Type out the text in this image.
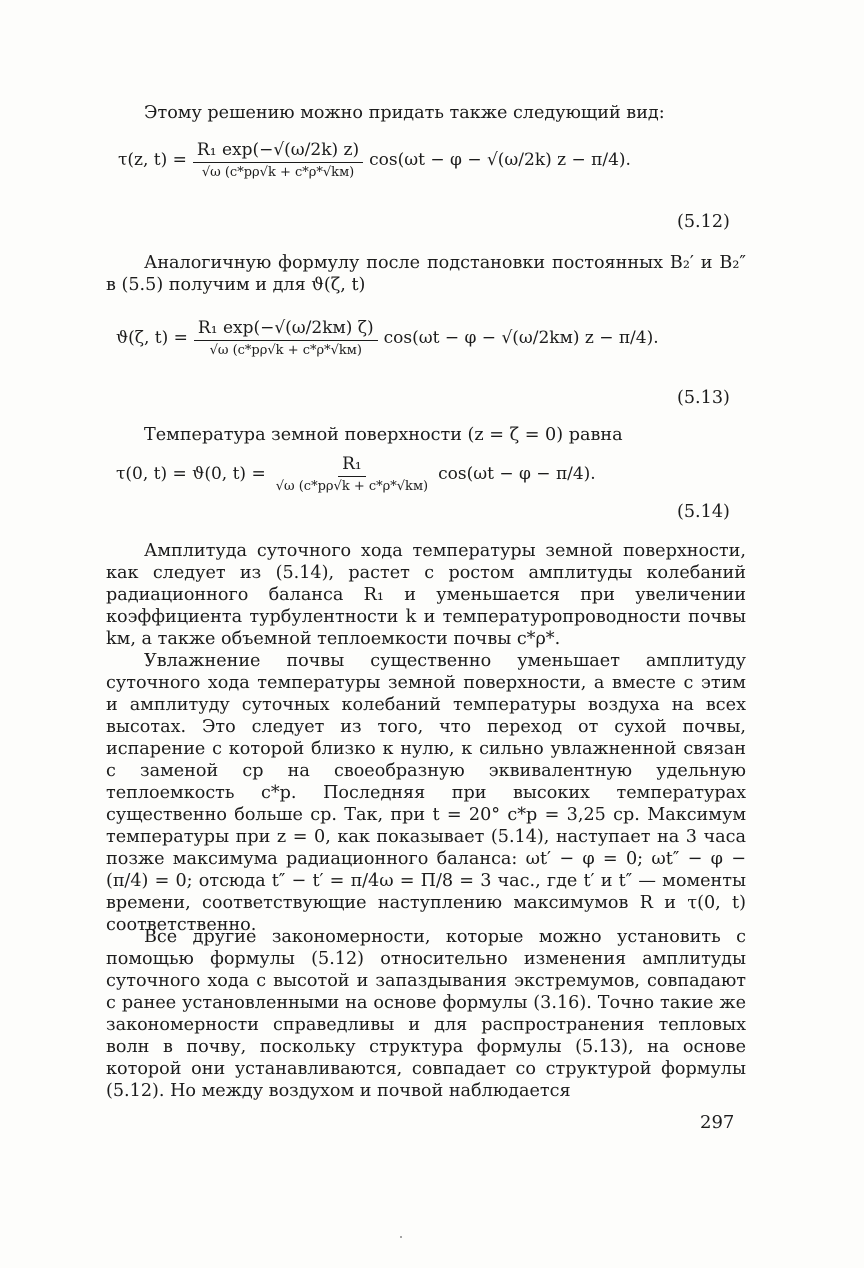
Этому решению можно придать также следующий вид:

τ(z, $t) = \frac{\text{R₁ exp(−√(ω/2k) z)}}{√\omega (c*p\rho√k + c*\rho*√kм)} \cos(\omega t - \varphi - √(\omega/2k) z - \pi/4)$.
(5.12)

Аналогичную формулу после подстановки постоянных B₂′ и B₂″ в (5.5) получим и для ϑ(ζ, t)

ϑ(ζ, $t) = \frac{\text{R₁ exp(−√(ω/2kм) ζ)}}{√\omega (c*p\rho√k + c*\rho*√kм)} \cos(\omega t - \varphi - √(\omega/2kм) z - \pi/4)$.
(5.13)

Температура земной поверхности (z = ζ = 0) равна

τ(0, t) = ϑ(0, $t) = \frac{\text{R₁}}{√\omega (c*p\rho√k + c*\rho*√kм)} \cos(\omega t - \varphi - \pi/4)$.
(5.14)

Амплитуда суточного хода температуры земной поверхности, как следует из (5.14), растет с ростом амплитуды колебаний радиационного баланса R₁ и уменьшается при увеличении коэффициента турбулентности k и температуропроводности почвы kм, а также объемной теплоемкости почвы c*ρ*.

Увлажнение почвы существенно уменьшает амплитуду суточного хода температуры земной поверхности, а вместе с этим и амплитуду суточных колебаний температуры воздуха на всех высотах. Это следует из того, что переход от сухой почвы, испарение с которой близко к нулю, к сильно увлажненной связан с заменой cp на своеобразную эквивалентную удельную теплоемкость c*p. Последняя при высоких температурах существенно больше cp. Так, при t = 20° c*p = 3,25 cp. Максимум температуры при z = 0, как показывает (5.14), наступает на 3 часа позже максимума радиационного баланса: ωt′ − φ = 0; ωt″ − φ − (π/4) = 0; отсюда t″ − t′ = π/4ω = П/8 = 3 час., где t′ и t″ — моменты времени, соответствующие наступлению максимумов R и τ(0, t) соответственно.

Все другие закономерности, которые можно установить с помощью формулы (5.12) относительно изменения амплитуды суточного хода с высотой и запаздывания экстремумов, совпадают с ранее установленными на основе формулы (3.16). Точно такие же закономерности справедливы и для распространения тепловых волн в почву, поскольку структура формулы (5.13), на основе которой они устанавливаются, совпадает со структурой формулы (5.12). Но между воздухом и почвой наблюдается

297
